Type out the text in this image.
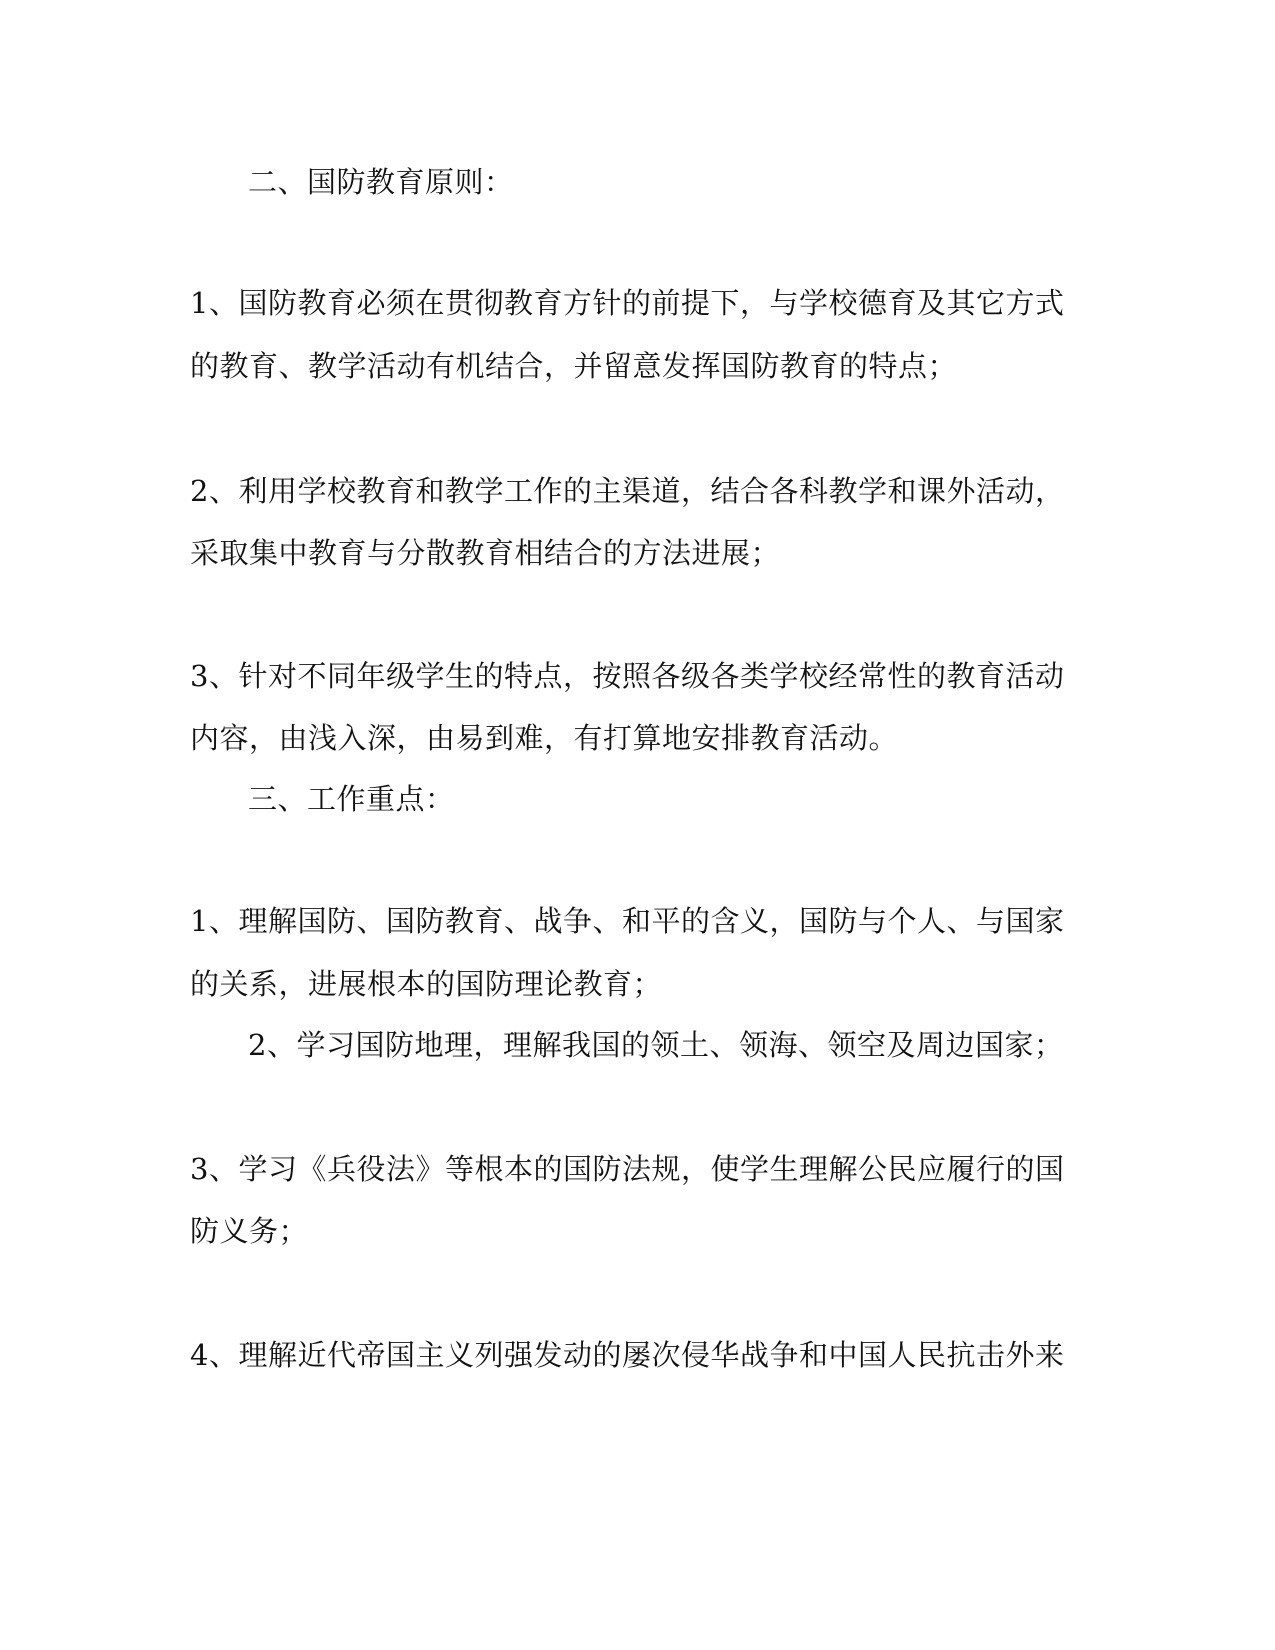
二、国防教育原则：
1、国防教育必须在贯彻教育方针的前提下，与学校德育及其它方式
的教育、教学活动有机结合，并留意发挥国防教育的特点；
2、利用学校教育和教学工作的主渠道，结合各科教学和课外活动，
采取集中教育与分散教育相结合的方法进展；
3、针对不同年级学生的特点，按照各级各类学校经常性的教育活动
内容，由浅入深，由易到难，有打算地安排教育活动。
三、工作重点：
1、理解国防、国防教育、战争、和平的含义，国防与个人、与国家
的关系，进展根本的国防理论教育；
2、学习国防地理，理解我国的领土、领海、领空及周边国家；
3、学习《兵役法》等根本的国防法规，使学生理解公民应履行的国
防义务；
4、理解近代帝国主义列强发动的屡次侵华战争和中国人民抗击外来
